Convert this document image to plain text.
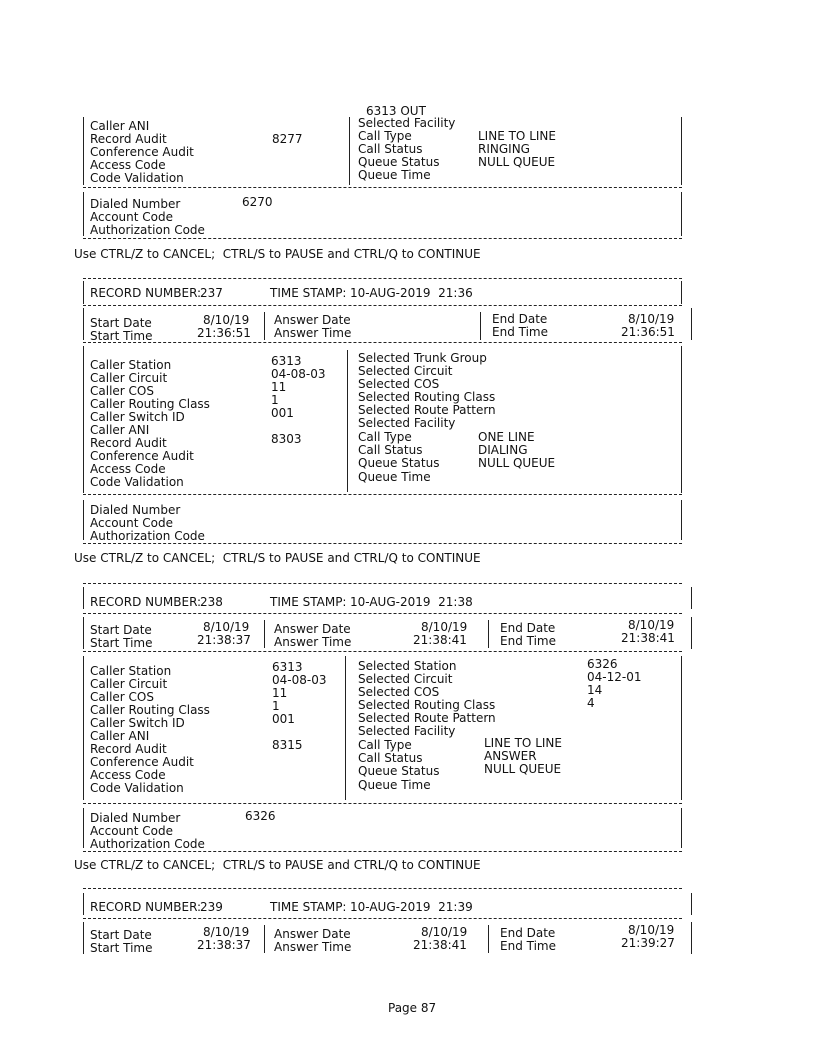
6313 OUT
Caller ANI
Record Audit	8277
Conference Audit
Access Code
Code Validation
Selected Facility
Call Type	LINE TO LINE
Call Status	RINGING
Queue Status	NULL QUEUE
Queue Time
Dialed Number	6270
Account Code
Authorization Code
Use CTRL/Z to CANCEL;  CTRL/S to PAUSE and CTRL/Q to CONTINUE
RECORD NUMBER:
237	TIME STAMP: 10-AUG-2019  21:36
Start Date	8/10/19
Start Time	21:36:51
Answer Date
Answer Time
End Date	8/10/19
End Time	21:36:51
Caller Station	6313
Caller Circuit	04-08-03
Caller COS	11
Caller Routing Class	1
Caller Switch ID	001
Caller ANI
Record Audit	8303
Conference Audit
Access Code
Code Validation
Selected Trunk Group
Selected Circuit
Selected COS
Selected Routing Class
Selected Route Pattern
Selected Facility
Call Type	ONE LINE
Call Status	DIALING
Queue Status	NULL QUEUE
Queue Time
Dialed Number
Account Code
Authorization Code
Use CTRL/Z to CANCEL;  CTRL/S to PAUSE and CTRL/Q to CONTINUE
RECORD NUMBER:
238	TIME STAMP: 10-AUG-2019  21:38
Start Date	8/10/19
Start Time	21:38:37
Answer Date	8/10/19
Answer Time	21:38:41
End Date	8/10/19
End Time	21:38:41
Caller Station	6313
Caller Circuit	04-08-03
Caller COS	11
Caller Routing Class	1
Caller Switch ID	001
Caller ANI
Record Audit	8315
Conference Audit
Access Code
Code Validation
Selected Station	6326
Selected Circuit	04-12-01
Selected COS	14
Selected Routing Class	4
Selected Route Pattern
Selected Facility
Call Type	LINE TO LINE
Call Status	ANSWER
Queue Status	NULL QUEUE
Queue Time
Dialed Number	6326
Account Code
Authorization Code
Use CTRL/Z to CANCEL;  CTRL/S to PAUSE and CTRL/Q to CONTINUE
RECORD NUMBER:
239	TIME STAMP: 10-AUG-2019  21:39
Start Date	8/10/19
Start Time	21:38:37
Answer Date	8/10/19
Answer Time	21:38:41
End Date	8/10/19
End Time	21:39:27
Page 87
